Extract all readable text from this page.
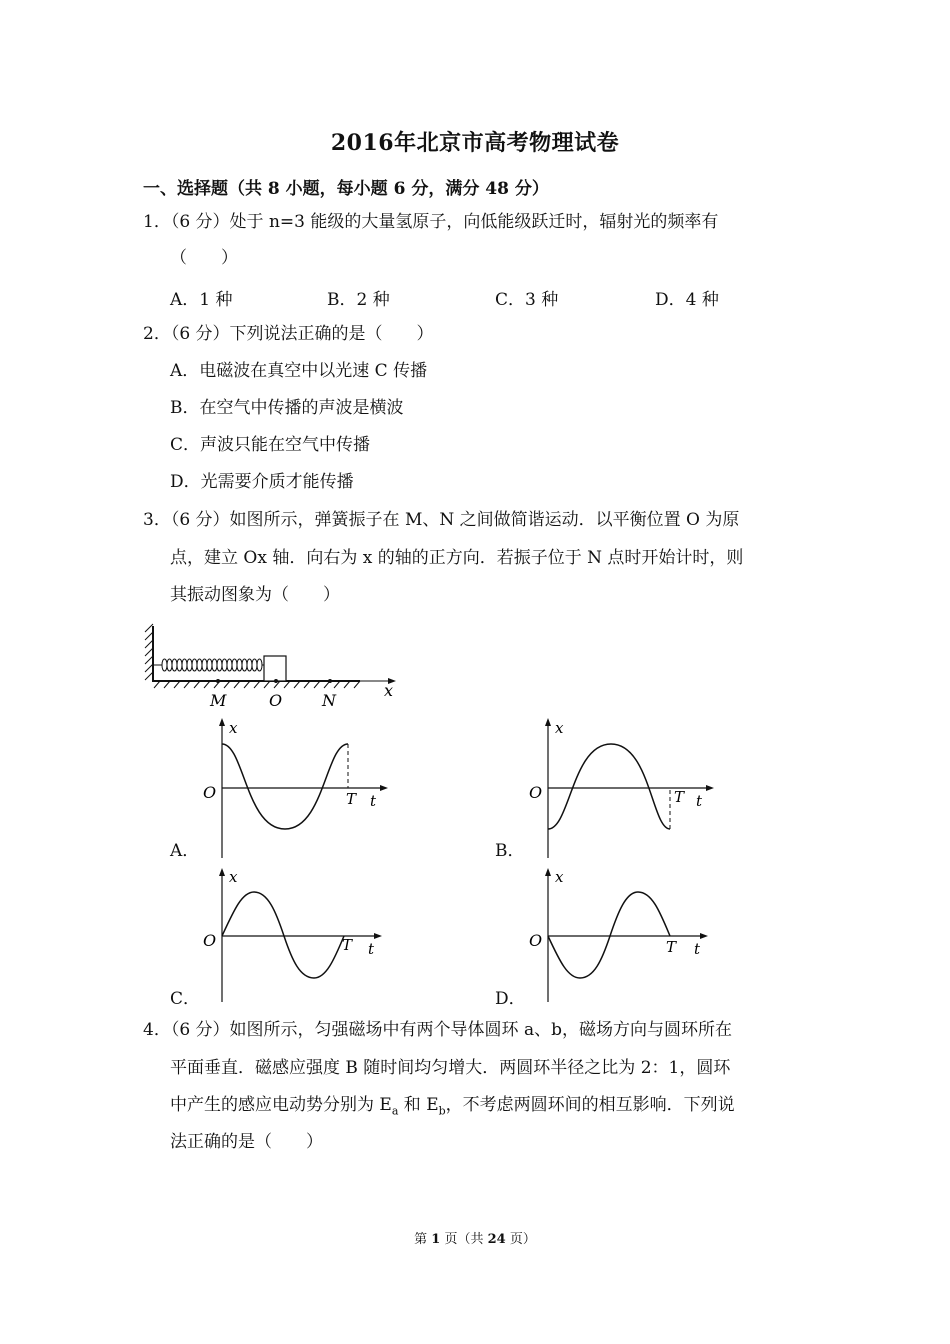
2016年北京市高考物理试卷
一、选择题（共 8 小题，每小题 6 分，满分 48 分）
1．（6 分）处于 n=3 能级的大量氢原子，向低能级跃迁时，辐射光的频率有
（　　）
A．1 种	B．2 种	C．3 种	D．4 种
2．（6 分）下列说法正确的是（　　）
A．电磁波在真空中以光速 C 传播
B．在空气中传播的声波是横波
C．声波只能在空气中传播
D．光需要介质才能传播
3．（6 分）如图所示，弹簧振子在 M、N 之间做简谐运动．以平衡位置 O 为原
点，建立 Ox 轴．向右为 x 的轴的正方向．若振子位于 N 点时开始计时，则
其振动图象为（　　）
M	O N
x
x
O	T t
A．
x
O	T t
B．
x
O	T t
C．
x
O	T t
D．
4．（6 分）如图所示，匀强磁场中有两个导体圆环 a、b，磁场方向与圆环所在
平面垂直．磁感应强度 B 随时间均匀增大．两圆环半径之比为 2：1，圆环
中产生的感应电动势分别为 $E_a$ 和 $E_b$，不考虑两圆环间的相互影响．下列说
法正确的是（　　）
第 1 页（共 24 页）
